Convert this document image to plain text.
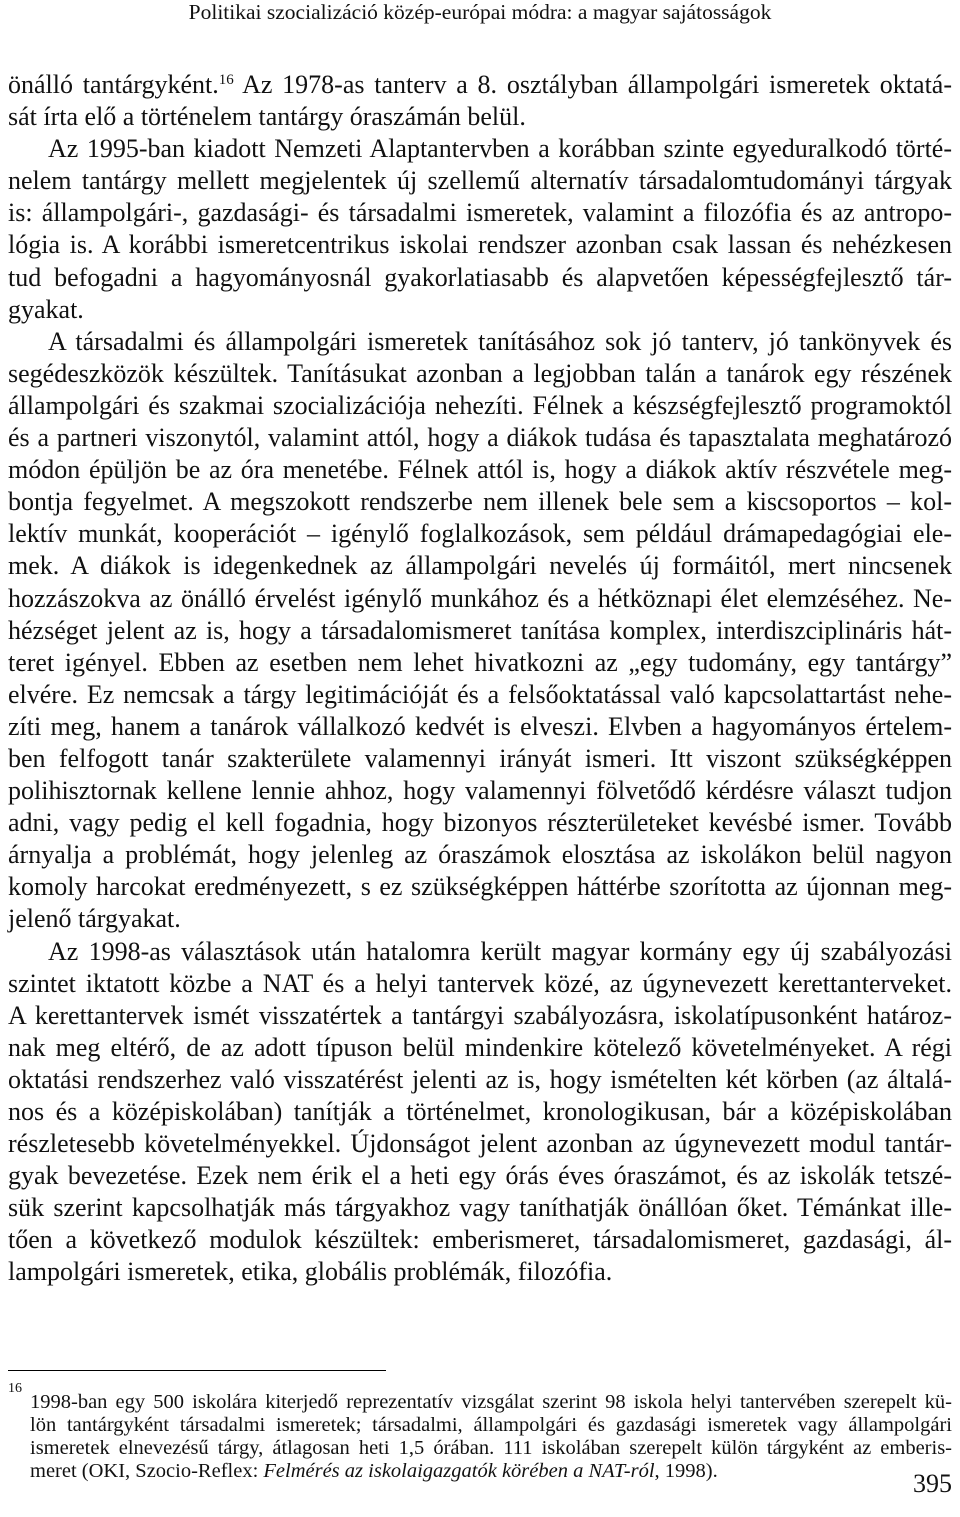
Politikai szocializáció közép-európai módra: a magyar sajátosságok
önálló tantárgyként.$^{16}$ Az 1978-as tanterv a 8. osztályban állampolgári ismeretek oktatá-
sát írta elő a történelem tantárgy óraszámán belül.
Az 1995-ban kiadott Nemzeti Alaptantervben a korábban szinte egyeduralkodó törté-
nelem tantárgy mellett megjelentek új szellemű alternatív társadalomtudományi tárgyak
is: állampolgári-, gazdasági- és társadalmi ismeretek, valamint a filozófia és az antropo-
lógia is. A korábbi ismeretcentrikus iskolai rendszer azonban csak lassan és nehézkesen
tud befogadni a hagyományosnál gyakorlatiasabb és alapvetően képességfejlesztő tár-
gyakat.
A társadalmi és állampolgári ismeretek tanításához sok jó tanterv, jó tankönyvek és
segédeszközök készültek. Tanításukat azonban a legjobban talán a tanárok egy részének
állampolgári és szakmai szocializációja nehezíti. Félnek a készségfejlesztő programoktól
és a partneri viszonytól, valamint attól, hogy a diákok tudása és tapasztalata meghatározó
módon épüljön be az óra menetébe. Félnek attól is, hogy a diákok aktív részvétele meg-
bontja fegyelmet. A megszokott rendszerbe nem illenek bele sem a kiscsoportos – kol-
lektív munkát, kooperációt – igénylő foglalkozások, sem például drámapedagógiai ele-
mek. A diákok is idegenkednek az állampolgári nevelés új formáitól, mert nincsenek
hozzászokva az önálló érvelést igénylő munkához és a hétköznapi élet elemzéséhez. Ne-
hézséget jelent az is, hogy a társadalomismeret tanítása komplex, interdiszciplináris hát-
teret igényel. Ebben az esetben nem lehet hivatkozni az „egy tudomány, egy tantárgy”
elvére. Ez nemcsak a tárgy legitimációját és a felsőoktatással való kapcsolattartást nehe-
zíti meg, hanem a tanárok vállalkozó kedvét is elveszi. Elvben a hagyományos értelem-
ben felfogott tanár szakterülete valamennyi irányát ismeri. Itt viszont szükségképpen
polihisztornak kellene lennie ahhoz, hogy valamennyi fölvetődő kérdésre választ tudjon
adni, vagy pedig el kell fogadnia, hogy bizonyos részterületeket kevésbé ismer. Tovább
árnyalja a problémát, hogy jelenleg az óraszámok elosztása az iskolákon belül nagyon
komoly harcokat eredményezett, s ez szükségképpen háttérbe szorította az újonnan meg-
jelenő tárgyakat.
Az 1998-as választások után hatalomra került magyar kormány egy új szabályozási
szintet iktatott közbe a NAT és a helyi tantervek közé, az úgynevezett kerettanterveket.
A kerettantervek ismét visszatértek a tantárgyi szabályozásra, iskolatípusonként határoz-
nak meg eltérő, de az adott típuson belül mindenkire kötelező követelményeket. A régi
oktatási rendszerhez való visszatérést jelenti az is, hogy ismételten két körben (az általá-
nos és a középiskolában) tanítják a történelmet, kronologikusan, bár a középiskolában
részletesebb követelményekkel. Újdonságot jelent azonban az úgynevezett modul tantár-
gyak bevezetése. Ezek nem érik el a heti egy órás éves óraszámot, és az iskolák tetszé-
sük szerint kapcsolhatják más tárgyakhoz vagy taníthatják önállóan őket. Témánkat ille-
tően a következő modulok készültek: emberismeret, társadalomismeret, gazdasági, ál-
lampolgári ismeretek, etika, globális problémák, filozófia.
16
1998-ban egy 500 iskolára kiterjedő reprezentatív vizsgálat szerint 98 iskola helyi tantervében szerepelt kü-
lön tantárgyként társadalmi ismeretek; társadalmi, állampolgári és gazdasági ismeretek vagy állampolgári
ismeretek elnevezésű tárgy, átlagosan heti 1,5 órában. 111 iskolában szerepelt külön tárgyként az emberis-
meret (OKI, Szocio-Reflex: Felmérés az iskolaigazgatók körében a NAT-ról, 1998).	395
